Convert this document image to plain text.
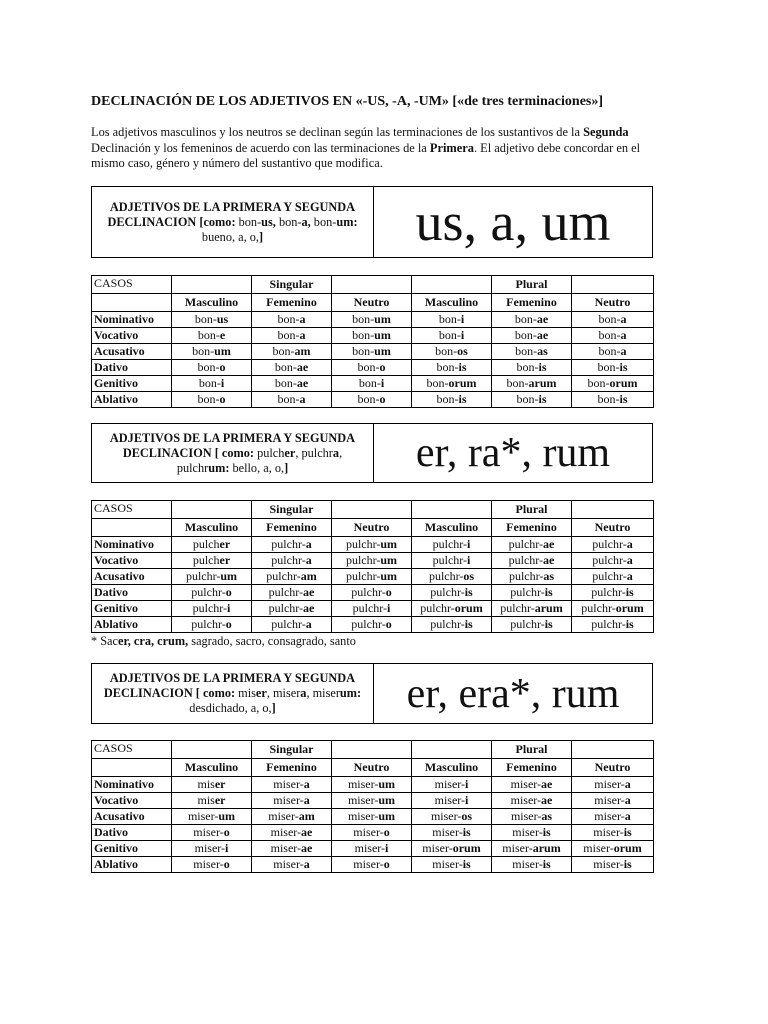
DECLINACIÓN DE LOS ADJETIVOS EN «-US, -A, -UM» [«de tres terminaciones»]
Los adjetivos masculinos y los neutros se declinan según las terminaciones de los sustantivos de la Segunda Declinación y los femeninos de acuerdo con las terminaciones de la Primera. El adjetivo debe concordar en el mismo caso, género y número del sustantivo que modifica.
ADJETIVOS DE LA PRIMERA Y SEGUNDA DECLINACION [como: bon-us, bon-a, bon-um: bueno, a, o,]	us, a, um
CASOS		Singular			Plural	
	Masculino	Femenino	Neutro	Masculino	Femenino	Neutro
Nominativo	bon-us	bon-a	bon-um	bon-i	bon-ae	bon-a
Vocativo	bon-e	bon-a	bon-um	bon-i	bon-ae	bon-a
Acusativo	bon-um	bon-am	bon-um	bon-os	bon-as	bon-a
Dativo	bon-o	bon-ae	bon-o	bon-is	bon-is	bon-is
Genitivo	bon-i	bon-ae	bon-i	bon-orum	bon-arum	bon-orum
Ablativo	bon-o	bon-a	bon-o	bon-is	bon-is	bon-is
ADJETIVOS DE LA PRIMERA Y SEGUNDA DECLINACION [ como: pulcher, pulchra, pulchrum: bello, a, o,]	er, ra*, rum
CASOS		Singular			Plural	
	Masculino	Femenino	Neutro	Masculino	Femenino	Neutro
Nominativo	pulcher	pulchr-a	pulchr-um	pulchr-i	pulchr-ae	pulchr-a
Vocativo	pulcher	pulchr-a	pulchr-um	pulchr-i	pulchr-ae	pulchr-a
Acusativo	pulchr-um	pulchr-am	pulchr-um	pulchr-os	pulchr-as	pulchr-a
Dativo	pulchr-o	pulchr-ae	pulchr-o	pulchr-is	pulchr-is	pulchr-is
Genitivo	pulchr-i	pulchr-ae	pulchr-i	pulchr-orum	pulchr-arum	pulchr-orum
Ablativo	pulchr-o	pulchr-a	pulchr-o	pulchr-is	pulchr-is	pulchr-is
* Sacer, cra, crum, sagrado, sacro, consagrado, santo
ADJETIVOS DE LA PRIMERA Y SEGUNDA DECLINACION [ como: miser, misera, miserum: desdichado, a, o,]	er, era*, rum
CASOS		Singular			Plural	
	Masculino	Femenino	Neutro	Masculino	Femenino	Neutro
Nominativo	miser	miser-a	miser-um	miser-i	miser-ae	miser-a
Vocativo	miser	miser-a	miser-um	miser-i	miser-ae	miser-a
Acusativo	miser-um	miser-am	miser-um	miser-os	miser-as	miser-a
Dativo	miser-o	miser-ae	miser-o	miser-is	miser-is	miser-is
Genitivo	miser-i	miser-ae	miser-i	miser-orum	miser-arum	miser-orum
Ablativo	miser-o	miser-a	miser-o	miser-is	miser-is	miser-is
